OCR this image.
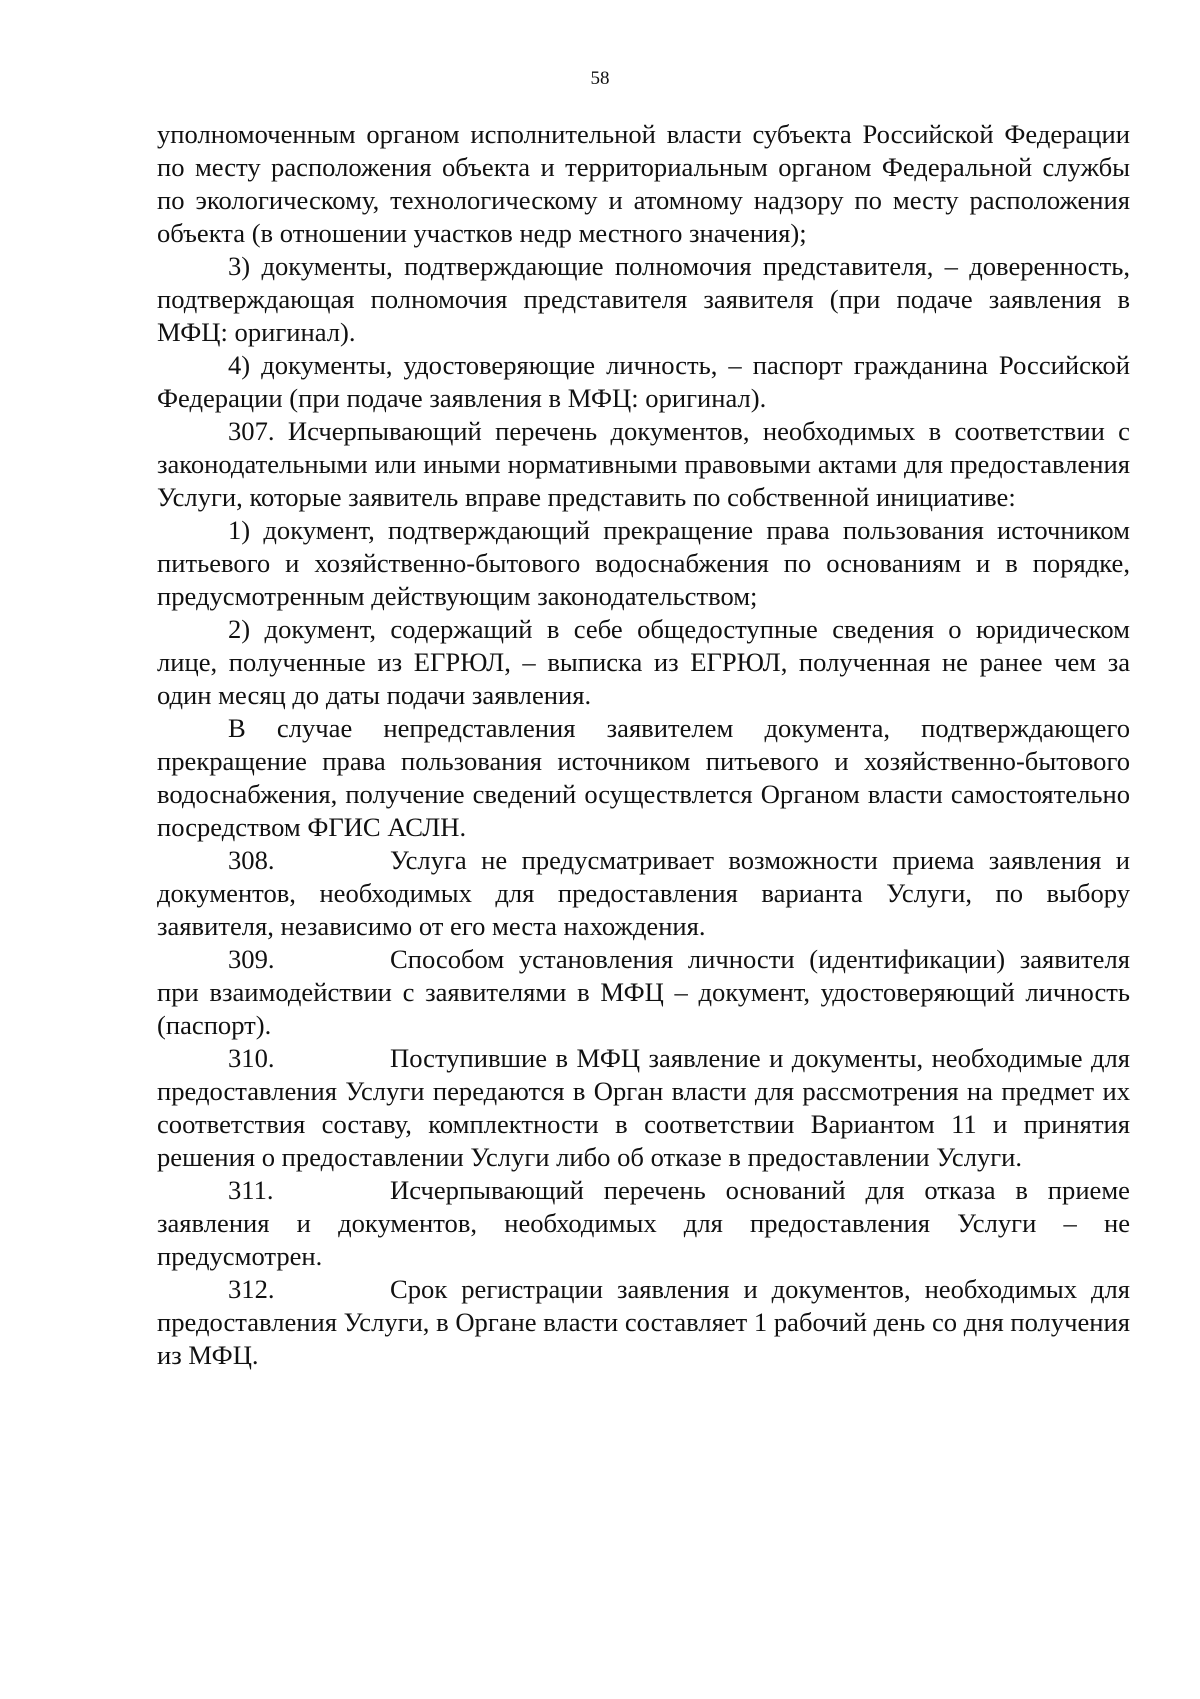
58

уполномоченным органом исполнительной власти субъекта Российской Федерации по месту расположения объекта и территориальным органом Федеральной службы по экологическому, технологическому и атомному надзору по месту расположения объекта (в отношении участков недр местного значения);

3) документы, подтверждающие полномочия представителя, – доверенность, подтверждающая полномочия представителя заявителя (при подаче заявления в МФЦ: оригинал).

4) документы, удостоверяющие личность, – паспорт гражданина Российской Федерации (при подаче заявления в МФЦ: оригинал).

307. Исчерпывающий перечень документов, необходимых в соответствии с законодательными или иными нормативными правовыми актами для предоставления Услуги, которые заявитель вправе представить по собственной инициативе:

1) документ, подтверждающий прекращение права пользования источником питьевого и хозяйственно-бытового водоснабжения по основаниям и в порядке, предусмотренным действующим законодательством;

2) документ, содержащий в себе общедоступные сведения о юридическом лице, полученные из ЕГРЮЛ, – выписка из ЕГРЮЛ, полученная не ранее чем за один месяц до даты подачи заявления.

В случае непредставления заявителем документа, подтверждающего прекращение права пользования источником питьевого и хозяйственно-бытового водоснабжения, получение сведений осуществлется Органом власти самостоятельно посредством ФГИС АСЛН.

308.	Услуга не предусматривает возможности приема заявления и документов, необходимых для предоставления варианта Услуги, по выбору заявителя, независимо от его места нахождения.

309.	Способом установления личности (идентификации) заявителя при взаимодействии с заявителями в МФЦ – документ, удостоверяющий личность (паспорт).

310.	Поступившие в МФЦ заявление и документы, необходимые для предоставления Услуги передаются в Орган власти для рассмотрения на предмет их соответствия составу, комплектности в соответствии Вариантом 11 и принятия решения о предоставлении Услуги либо об отказе в предоставлении Услуги.

311.	Исчерпывающий перечень оснований для отказа в приеме заявления и документов, необходимых для предоставления Услуги – не предусмотрен.

312.	Срок регистрации заявления и документов, необходимых для предоставления Услуги, в Органе власти составляет 1 рабочий день со дня получения из МФЦ.
